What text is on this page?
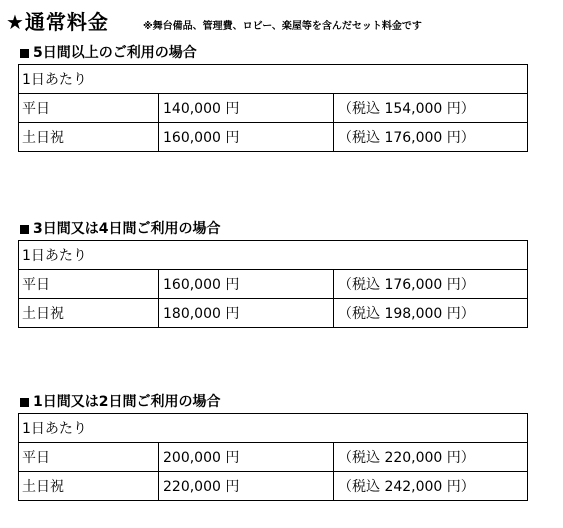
★通常料金	※舞台備品、管理費、ロビー、楽屋等を含んだセット料金です
5日間以上のご利用の場合
1日あたり		
平日	140,000 円	（税込 154,000 円）
土日祝	160,000 円	（税込 176,000 円）
3日間又は4日間ご利用の場合
1日あたり		
平日	160,000 円	（税込 176,000 円）
土日祝	180,000 円	（税込 198,000 円）
1日間又は2日間ご利用の場合
1日あたり		
平日	200,000 円	（税込 220,000 円）
土日祝	220,000 円	（税込 242,000 円）
